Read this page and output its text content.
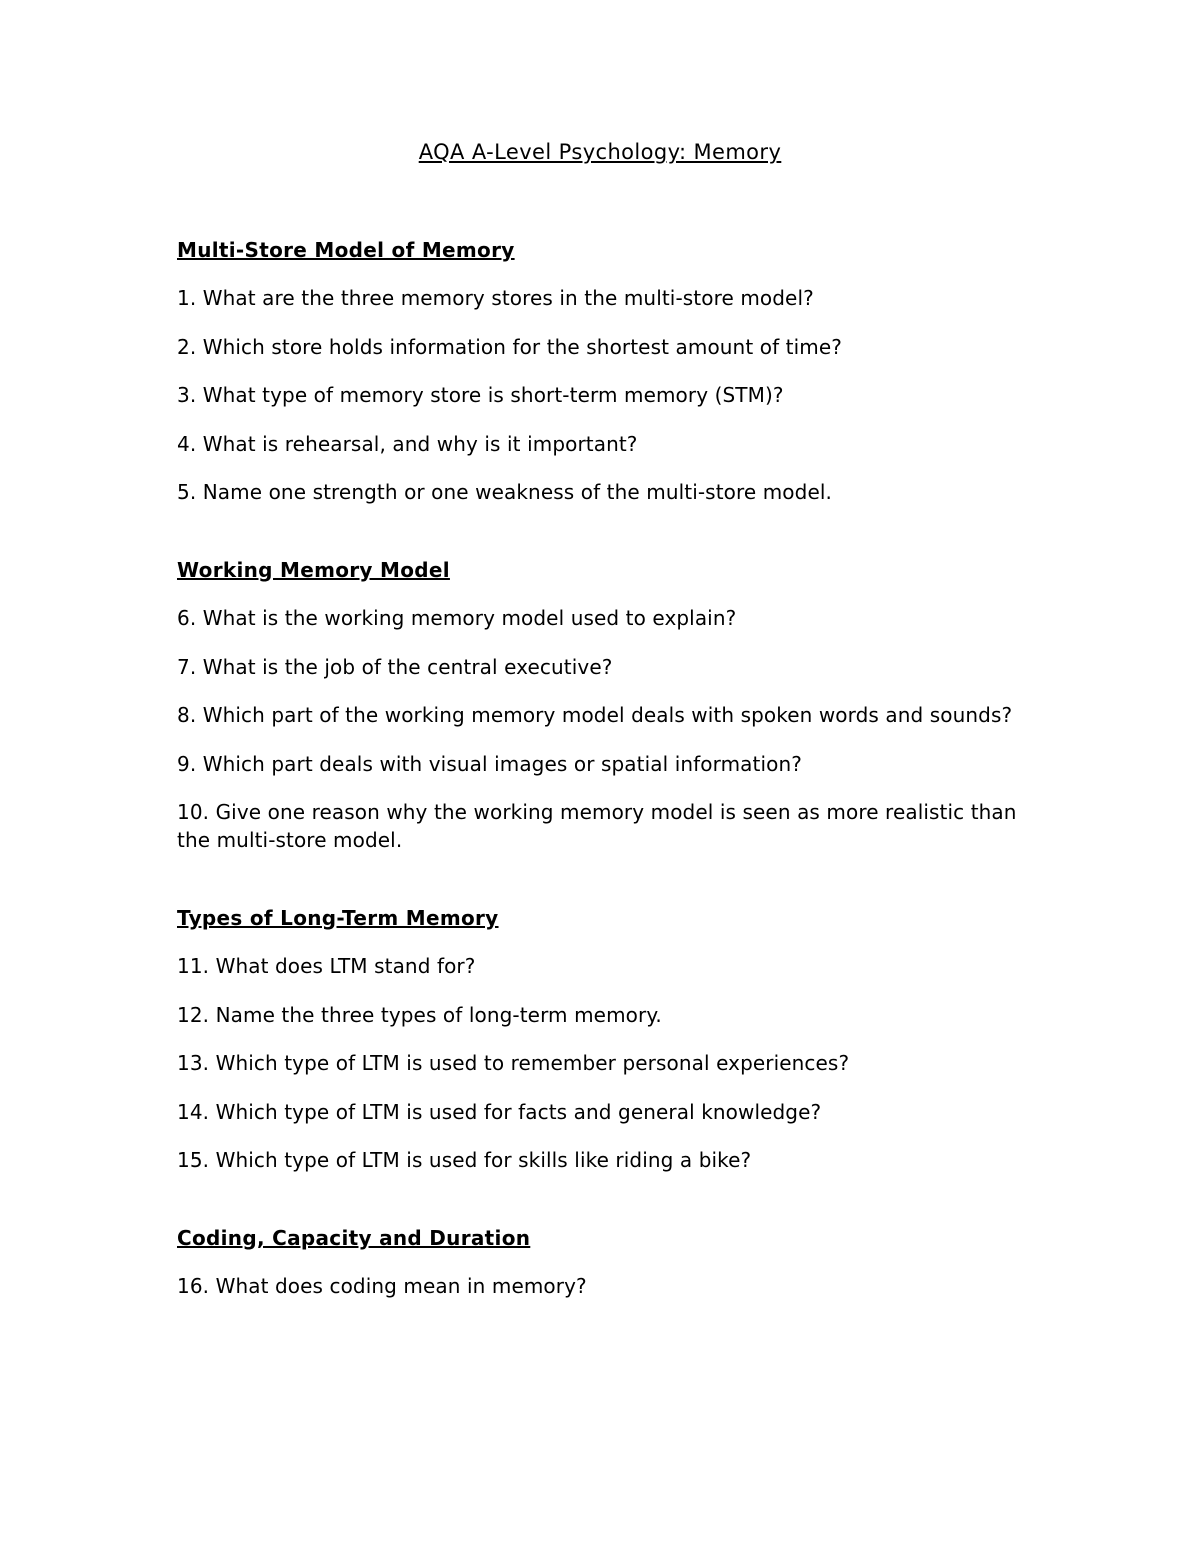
AQA A-Level Psychology: Memory
Multi-Store Model of Memory
1. What are the three memory stores in the multi-store model?
2. Which store holds information for the shortest amount of time?
3. What type of memory store is short-term memory (STM)?
4. What is rehearsal, and why is it important?
5. Name one strength or one weakness of the multi-store model.
Working Memory Model
6. What is the working memory model used to explain?
7. What is the job of the central executive?
8. Which part of the working memory model deals with spoken words and sounds?
9. Which part deals with visual images or spatial information?
10. Give one reason why the working memory model is seen as more realistic than the multi-store model.
Types of Long-Term Memory
11. What does LTM stand for?
12. Name the three types of long-term memory.
13. Which type of LTM is used to remember personal experiences?
14. Which type of LTM is used for facts and general knowledge?
15. Which type of LTM is used for skills like riding a bike?
Coding, Capacity and Duration
16. What does coding mean in memory?
